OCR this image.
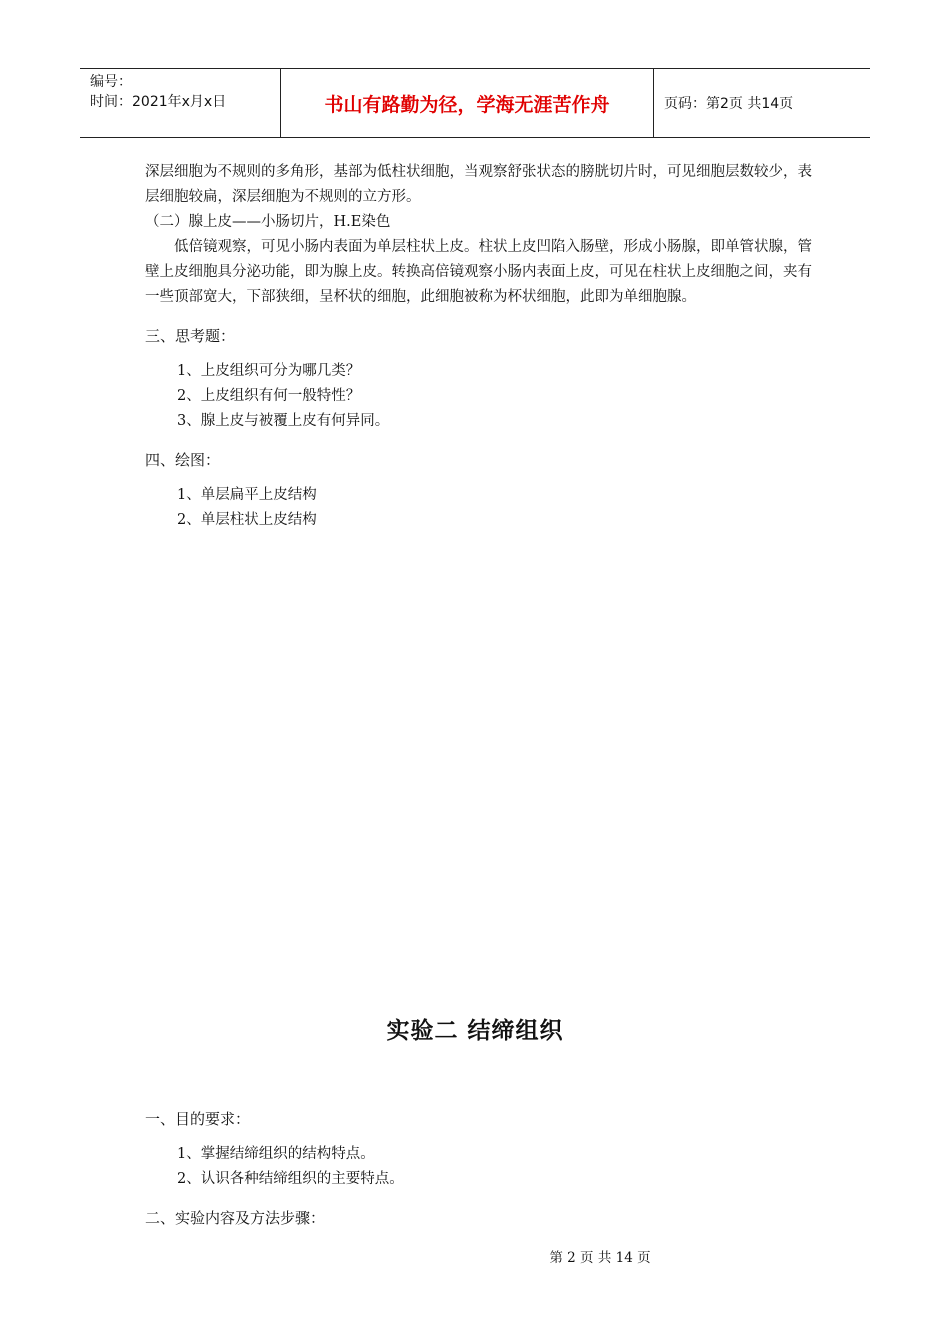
编号：
时间：2021年x月x日	书山有路勤为径，学海无涯苦作舟	页码：第2页 共14页

深层细胞为不规则的多角形，基部为低柱状细胞，当观察舒张状态的膀胱切片时，可见细胞层数较少，表层细胞较扁，深层细胞为不规则的立方形。

（二）腺上皮——小肠切片，H.E染色

低倍镜观察，可见小肠内表面为单层柱状上皮。柱状上皮凹陷入肠壁，形成小肠腺，即单管状腺，管壁上皮细胞具分泌功能，即为腺上皮。转换高倍镜观察小肠内表面上皮，可见在柱状上皮细胞之间，夹有一些顶部宽大，下部狭细，呈杯状的细胞，此细胞被称为杯状细胞，此即为单细胞腺。

三、思考题：

1、上皮组织可分为哪几类？

2、上皮组织有何一般特性？

3、腺上皮与被覆上皮有何异同。

四、绘图：

1、单层扁平上皮结构

2、单层柱状上皮结构

实验二 结缔组织

一、目的要求：

1、掌握结缔组织的结构特点。

2、认识各种结缔组织的主要特点。

二、实验内容及方法步骤：

第 2 页 共 14 页
